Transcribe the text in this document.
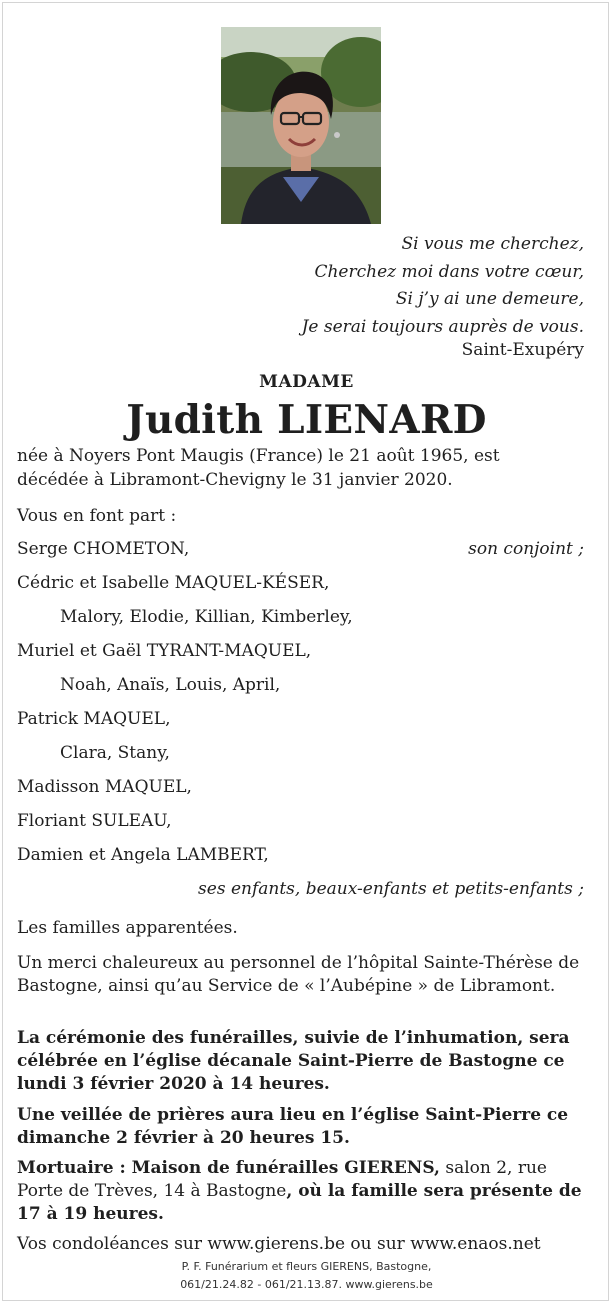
Si vous me cherchez,
Cherchez moi dans votre cœur,
Si j’y ai une demeure,
Je serai toujours auprès de vous.
Saint-Exupéry
MADAME
Judith LIENARD
née à Noyers Pont Maugis (France) le 21 août 1965, est
décédée à Libramont-Chevigny le 31 janvier 2020.
Vous en font part :
Serge CHOMETON,	son conjoint ;
Cédric et Isabelle MAQUEL-KÉSER,
Malory, Elodie, Killian, Kimberley,
Muriel et Gaël TYRANT-MAQUEL,
Noah, Anaïs, Louis, April,
Patrick MAQUEL,
Clara, Stany,
Madisson MAQUEL,
Floriant SULEAU,
Damien et Angela LAMBERT,
ses enfants, beaux-enfants et petits-enfants ;
Les familles apparentées.
Un merci chaleureux au personnel de l’hôpital Sainte-Thérèse de Bastogne, ainsi qu’au Service de « l’Aubépine » de Libramont.
La cérémonie des funérailles, suivie de l’inhumation, sera célébrée en l’église décanale Saint-Pierre de Bastogne ce lundi 3 février 2020 à 14 heures.
Une veillée de prières aura lieu en l’église Saint-Pierre ce dimanche 2 février à 20 heures 15.
Mortuaire : Maison de funérailles GIERENS, salon 2, rue Porte de Trèves, 14 à Bastogne, où la famille sera présente de 17 à 19 heures.
Vos condoléances sur www.gierens.be ou sur www.enaos.net
P. F. Funérarium et fleurs GIERENS, Bastogne,
061/21.24.82 - 061/21.13.87. www.gierens.be
